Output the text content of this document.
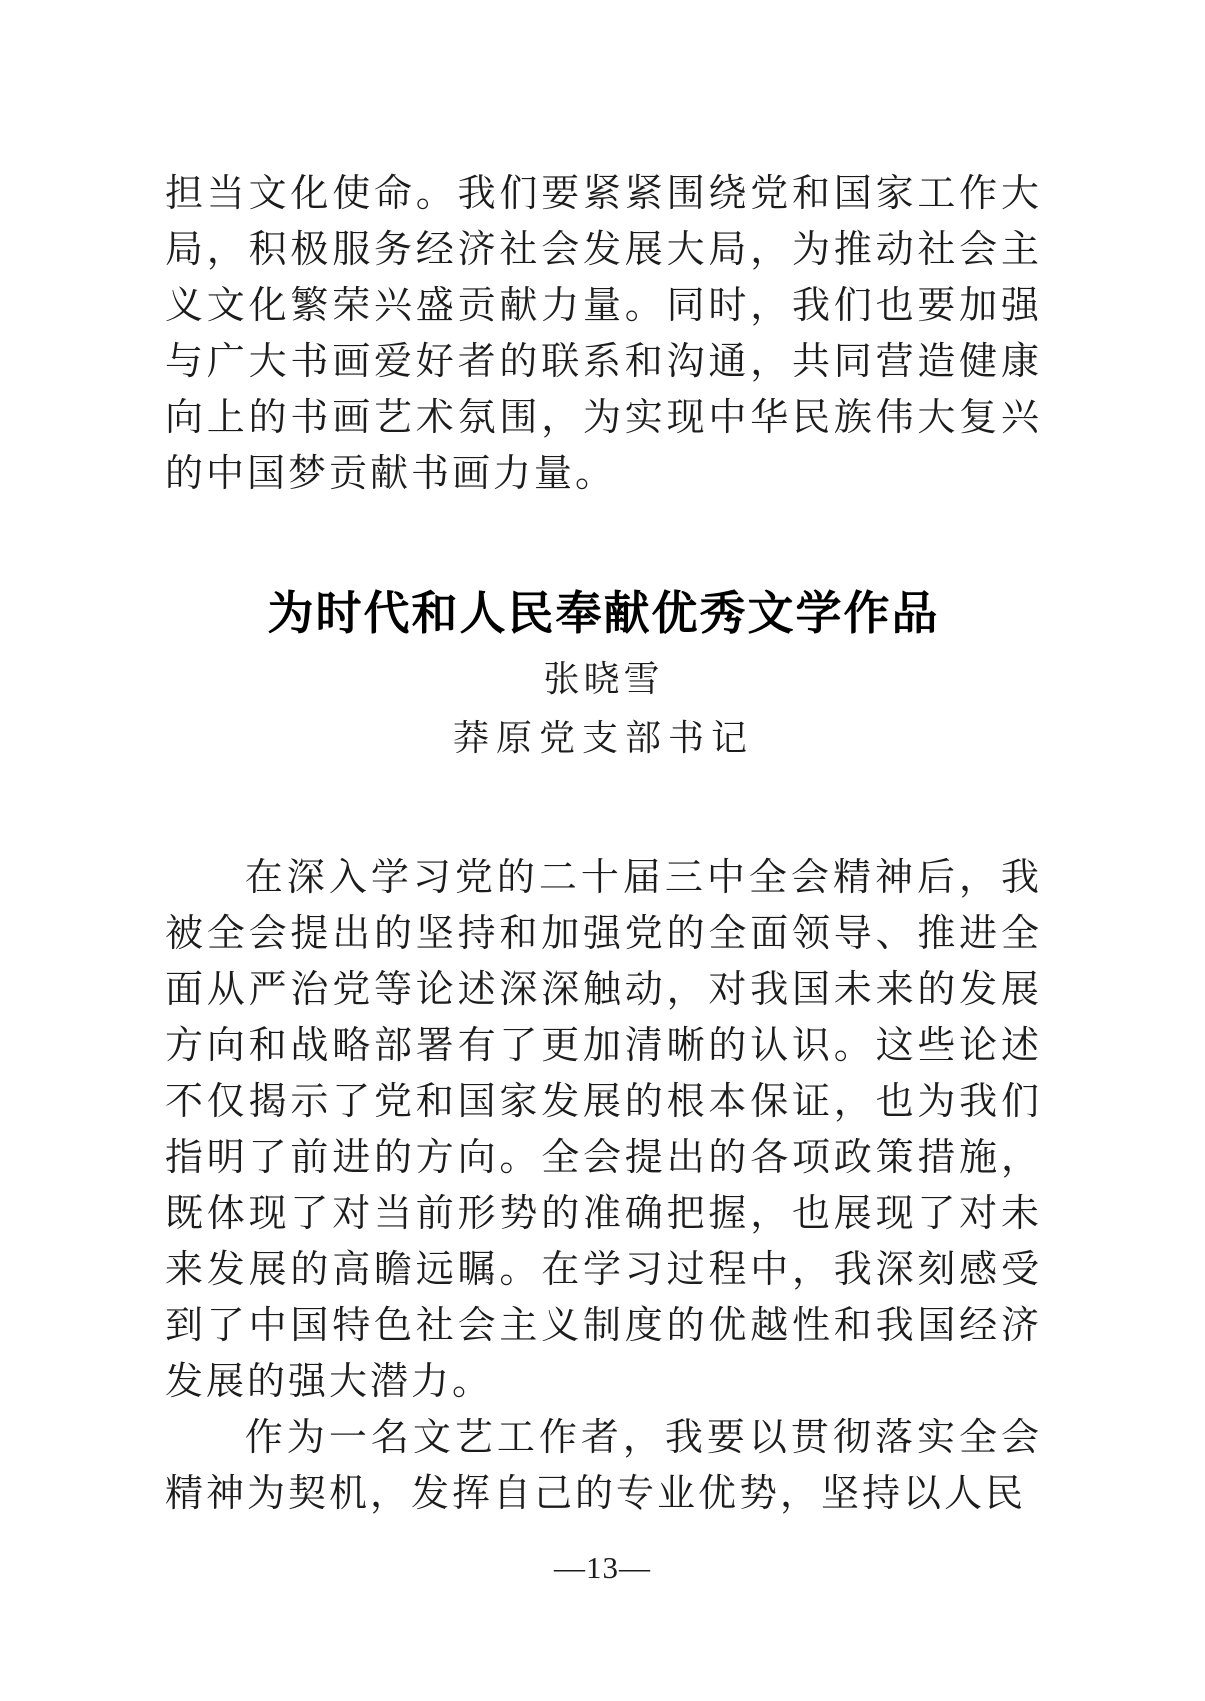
担当文化使命。我们要紧紧围绕党和国家工作大局，积极服务经济社会发展大局，为推动社会主义文化繁荣兴盛贡献力量。同时，我们也要加强与广大书画爱好者的联系和沟通，共同营造健康向上的书画艺术氛围，为实现中华民族伟大复兴的中国梦贡献书画力量。

为时代和人民奉献优秀文学作品
张晓雪
莽原党支部书记

在深入学习党的二十届三中全会精神后，我被全会提出的坚持和加强党的全面领导、推进全面从严治党等论述深深触动，对我国未来的发展方向和战略部署有了更加清晰的认识。这些论述不仅揭示了党和国家发展的根本保证，也为我们指明了前进的方向。全会提出的各项政策措施，既体现了对当前形势的准确把握，也展现了对未来发展的高瞻远瞩。在学习过程中，我深刻感受到了中国特色社会主义制度的优越性和我国经济发展的强大潜力。

作为一名文艺工作者，我要以贯彻落实全会精神为契机，发挥自己的专业优势，坚持以人民

—13—
